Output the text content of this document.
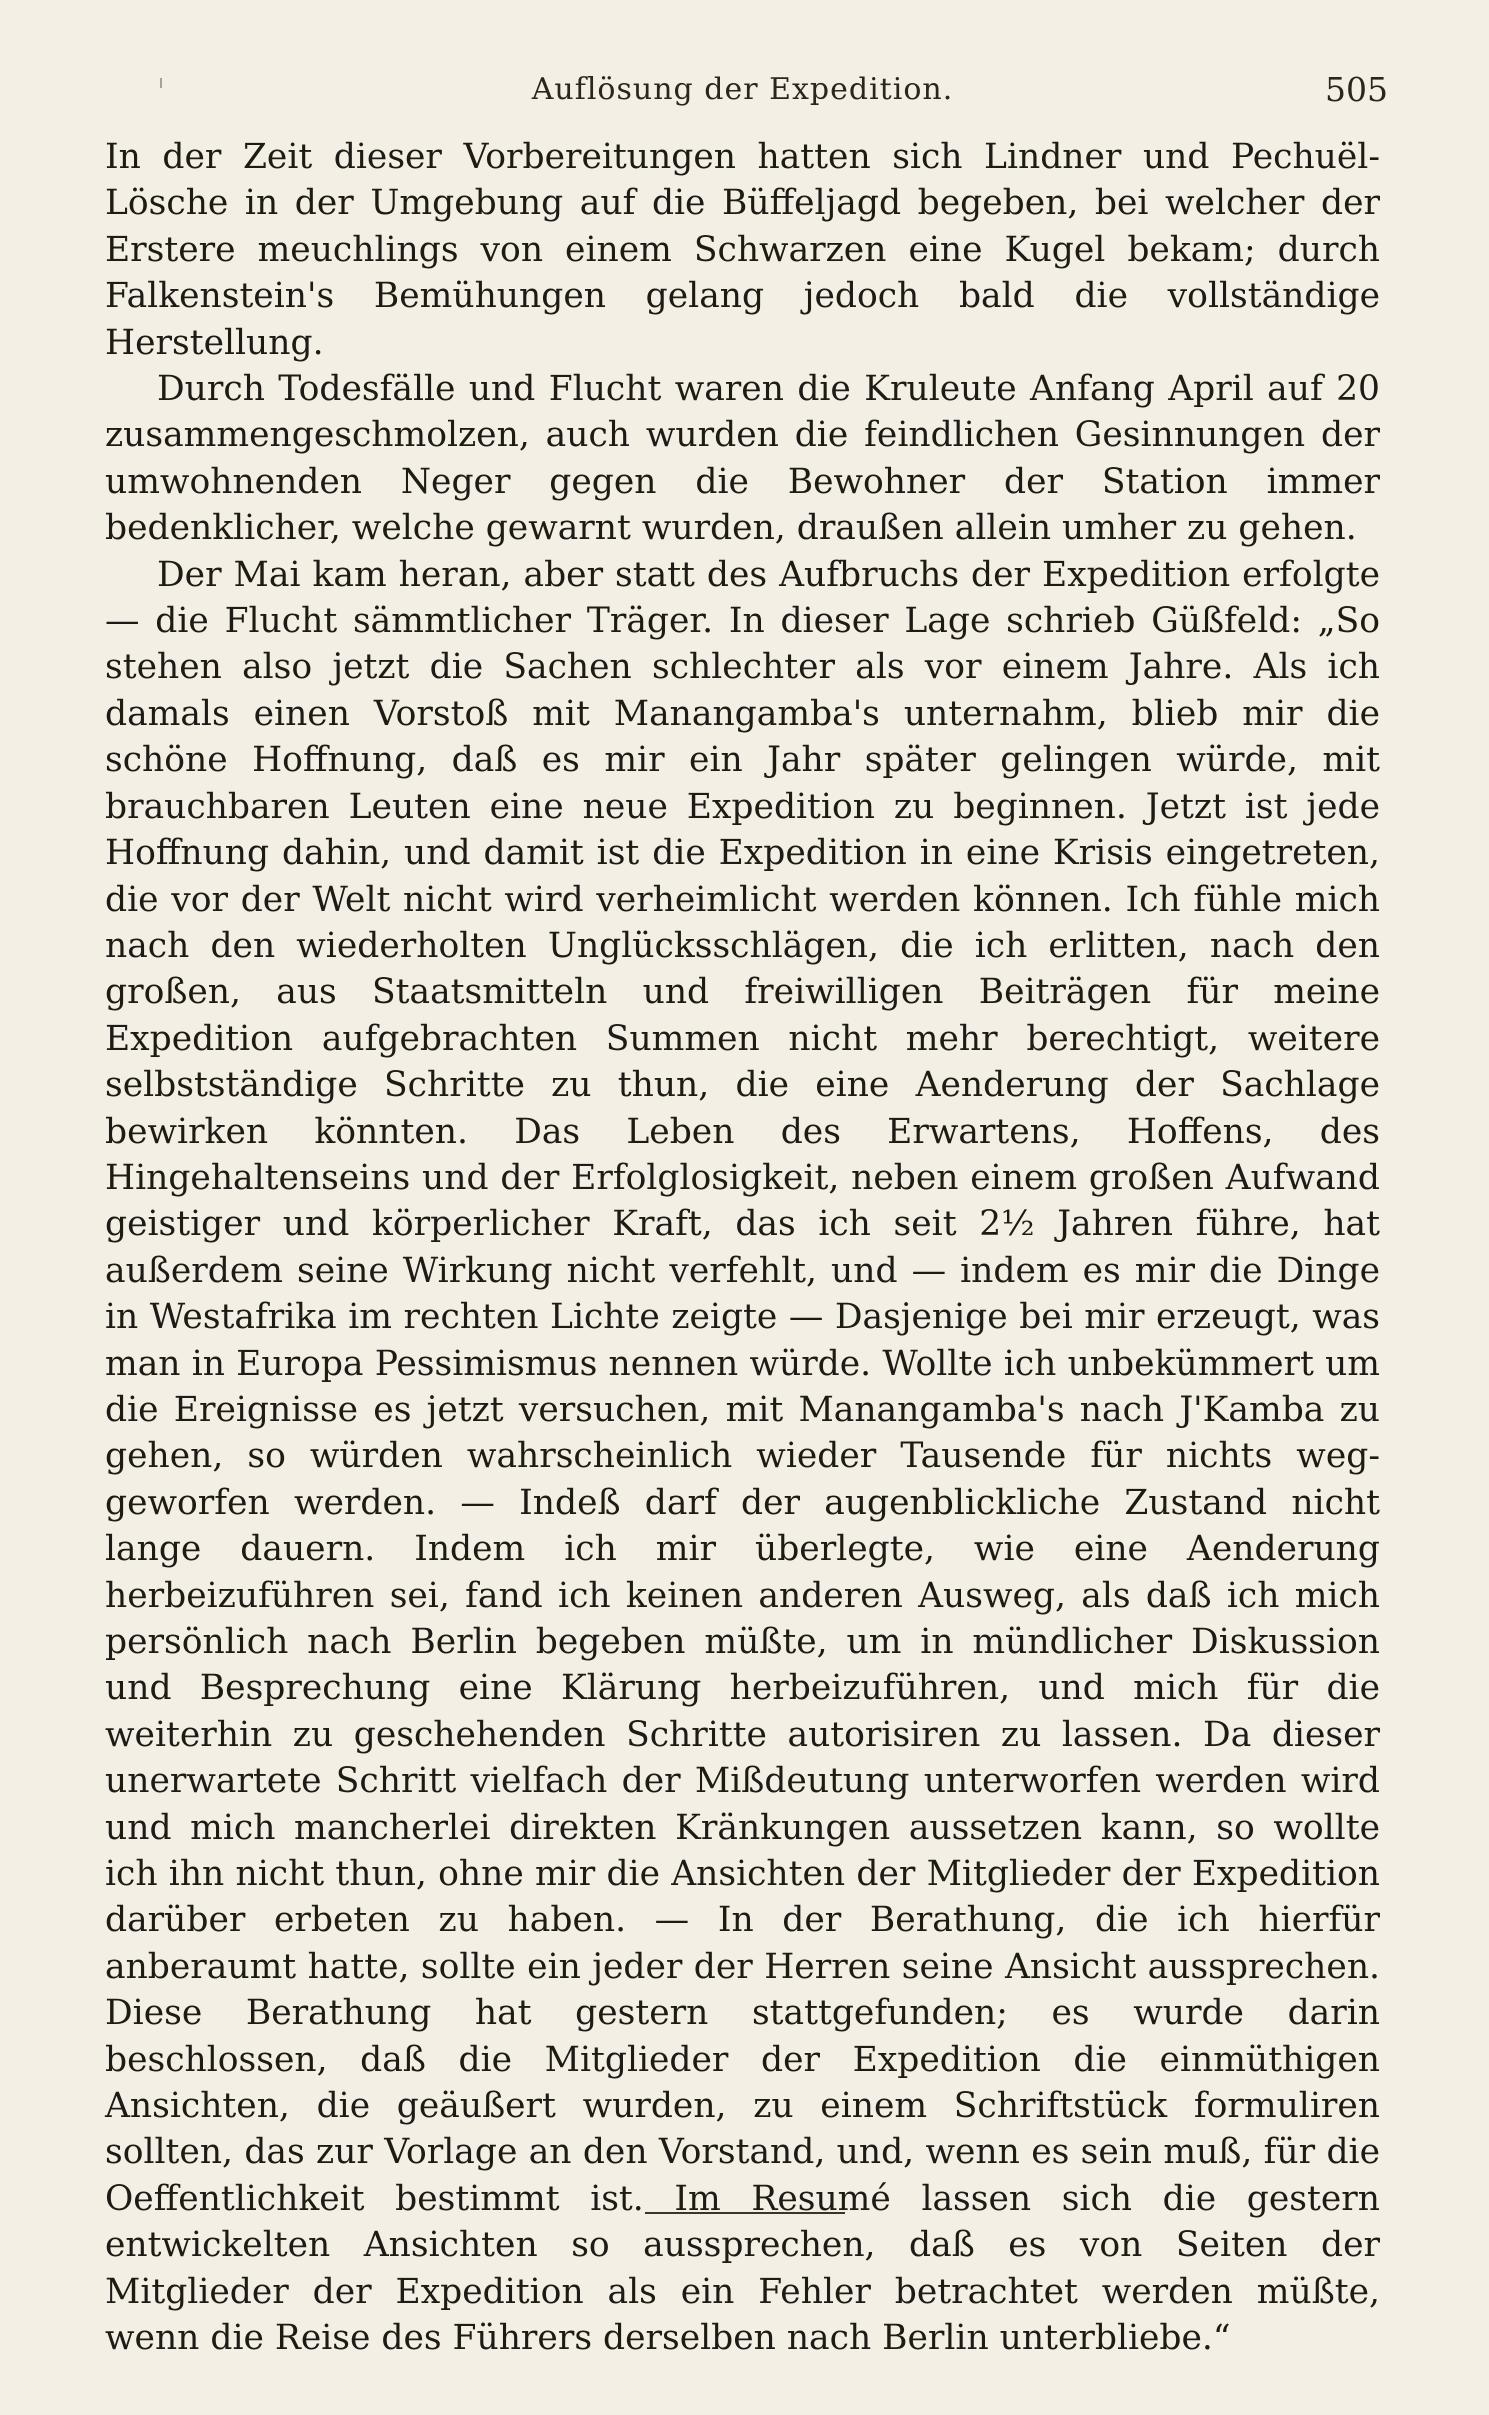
Auflösung der Expedition.	505

In der Zeit dieser Vorbereitungen hatten sich Lindner und Pechuël-Lösche in der Umgebung auf die Büffeljagd begeben, bei welcher der Erstere meuchlings von einem Schwarzen eine Kugel bekam; durch Falkenstein's Bemühungen gelang jedoch bald die vollständige Herstellung.

Durch Todesfälle und Flucht waren die Kruleute Anfang April auf 20 zusammengeschmolzen, auch wurden die feindlichen Gesinnungen der umwohnenden Neger gegen die Bewohner der Station immer bedenklicher, welche gewarnt wurden, draußen allein umher zu gehen.

Der Mai kam heran, aber statt des Aufbruchs der Expedition erfolgte — die Flucht sämmtlicher Träger. In dieser Lage schrieb Güßfeld: „So stehen also jetzt die Sachen schlechter als vor einem Jahre. Als ich damals einen Vorstoß mit Manangamba's unternahm, blieb mir die schöne Hoffnung, daß es mir ein Jahr später gelingen würde, mit brauchbaren Leuten eine neue Expedition zu beginnen. Jetzt ist jede Hoffnung dahin, und damit ist die Expedition in eine Krisis eingetreten, die vor der Welt nicht wird verheimlicht werden können. Ich fühle mich nach den wiederholten Unglücksschlägen, die ich erlitten, nach den großen, aus Staatsmitteln und freiwilligen Beiträgen für meine Expedition aufgebrachten Summen nicht mehr berechtigt, weitere selbstständige Schritte zu thun, die eine Aenderung der Sachlage bewirken könnten. Das Leben des Erwartens, Hoffens, des Hingehaltenseins und der Erfolglosigkeit, neben einem großen Aufwand geistiger und körperlicher Kraft, das ich seit 2½ Jahren führe, hat außerdem seine Wirkung nicht verfehlt, und — indem es mir die Dinge in Westafrika im rechten Lichte zeigte — Dasjenige bei mir erzeugt, was man in Europa Pessimismus nennen würde. Wollte ich unbekümmert um die Ereignisse es jetzt versuchen, mit Manangamba's nach J'Kamba zu gehen, so würden wahrscheinlich wieder Tausende für nichts weggeworfen werden. — Indeß darf der augenblickliche Zustand nicht lange dauern. Indem ich mir überlegte, wie eine Aenderung herbeizuführen sei, fand ich keinen anderen Ausweg, als daß ich mich persönlich nach Berlin begeben müßte, um in mündlicher Diskussion und Besprechung eine Klärung herbeizuführen, und mich für die weiterhin zu geschehenden Schritte autorisiren zu lassen. Da dieser unerwartete Schritt vielfach der Mißdeutung unterworfen werden wird und mich mancherlei direkten Kränkungen aussetzen kann, so wollte ich ihn nicht thun, ohne mir die Ansichten der Mitglieder der Expedition darüber erbeten zu haben. — In der Berathung, die ich hierfür anberaumt hatte, sollte ein jeder der Herren seine Ansicht aussprechen. Diese Berathung hat gestern stattgefunden; es wurde darin beschlossen, daß die Mitglieder der Expedition die einmüthigen Ansichten, die geäußert wurden, zu einem Schriftstück formuliren sollten, das zur Vorlage an den Vorstand, und, wenn es sein muß, für die Oeffentlichkeit bestimmt ist. Im Resumé lassen sich die gestern entwickelten Ansichten so aussprechen, daß es von Seiten der Mitglieder der Expedition als ein Fehler betrachtet werden müßte, wenn die Reise des Führers derselben nach Berlin unterbliebe.“
